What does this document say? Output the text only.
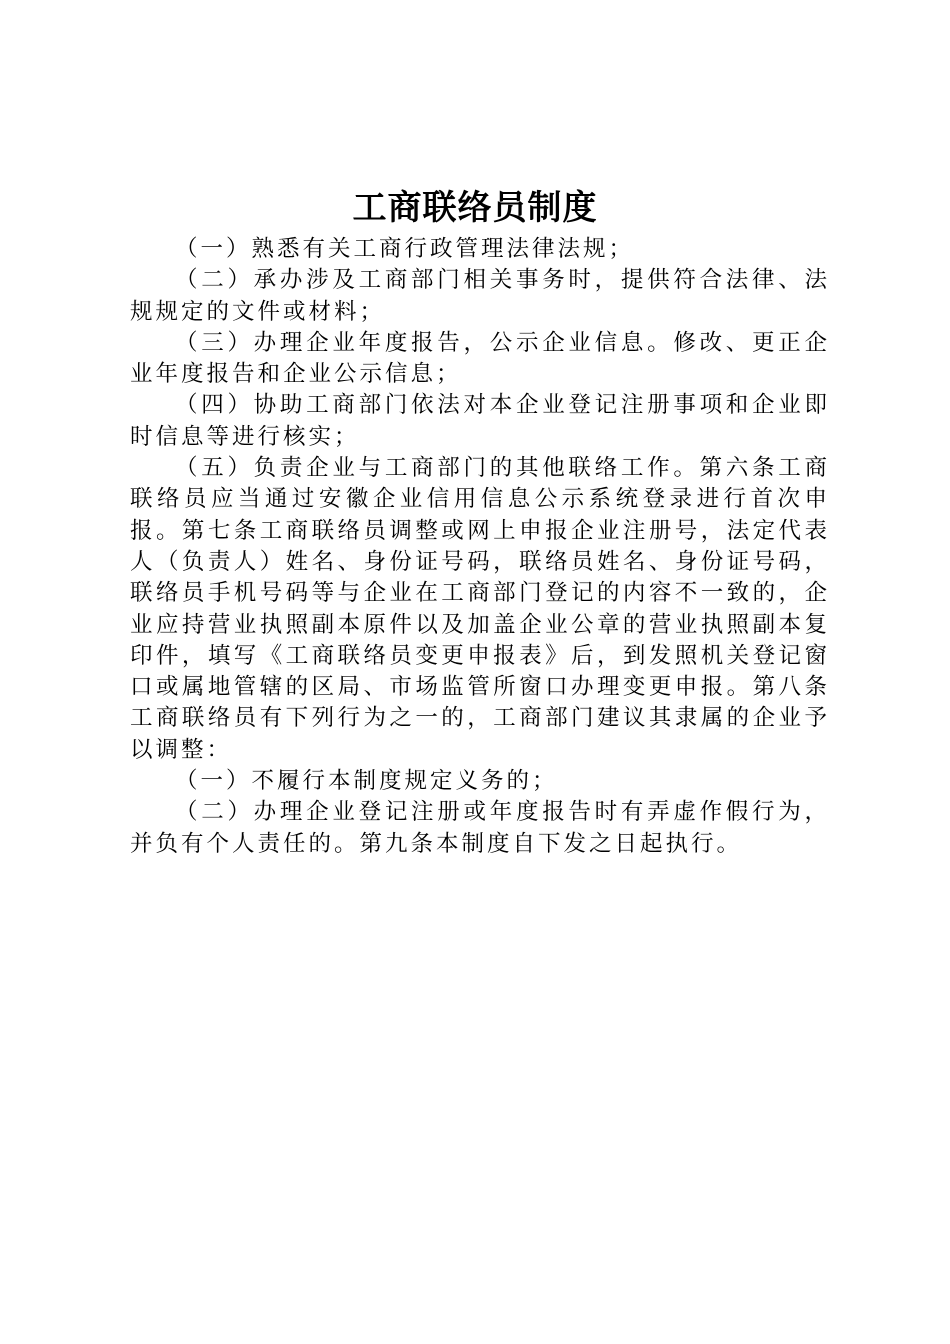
工商联络员制度

（一）熟悉有关工商行政管理法律法规；

（二）承办涉及工商部门相关事务时，提供符合法律、法规规定的文件或材料；

（三）办理企业年度报告，公示企业信息。修改、更正企业年度报告和企业公示信息；

（四）协助工商部门依法对本企业登记注册事项和企业即时信息等进行核实；

（五）负责企业与工商部门的其他联络工作。第六条工商联络员应当通过安徽企业信用信息公示系统登录进行首次申报。第七条工商联络员调整或网上申报企业注册号，法定代表人（负责人）姓名、身份证号码，联络员姓名、身份证号码，联络员手机号码等与企业在工商部门登记的内容不一致的，企业应持营业执照副本原件以及加盖企业公章的营业执照副本复印件，填写《工商联络员变更申报表》后，到发照机关登记窗口或属地管辖的区局、市场监管所窗口办理变更申报。第八条工商联络员有下列行为之一的，工商部门建议其隶属的企业予以调整：

（一）不履行本制度规定义务的；

（二）办理企业登记注册或年度报告时有弄虚作假行为，并负有个人责任的。第九条本制度自下发之日起执行。
